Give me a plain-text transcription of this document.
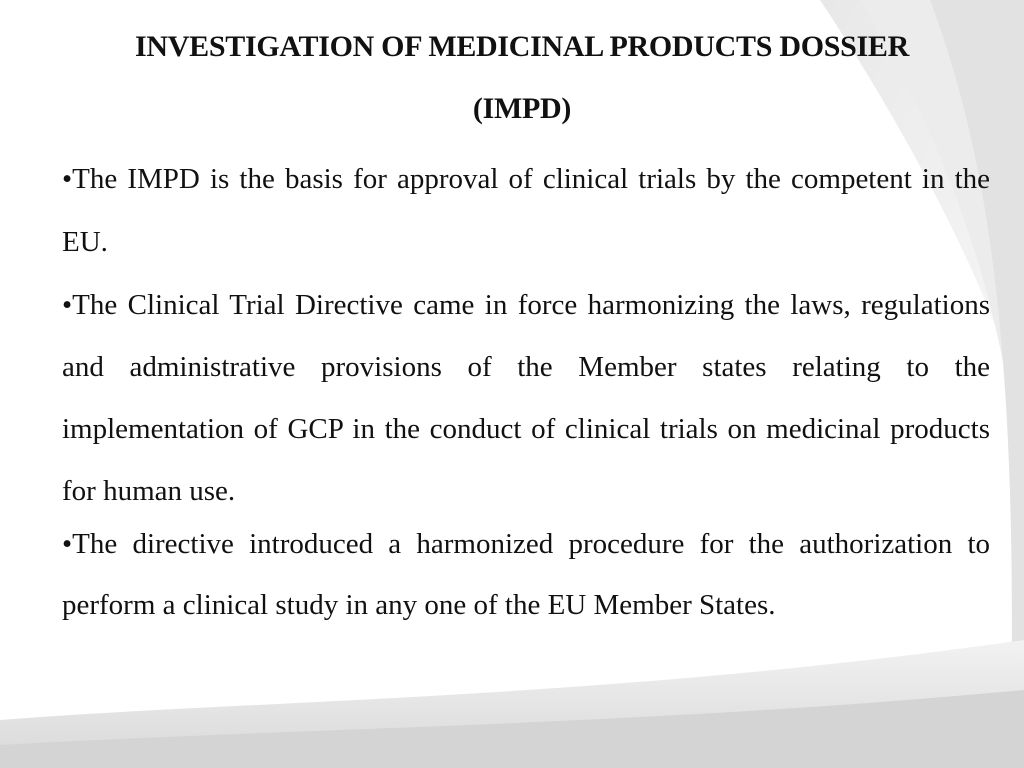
INVESTIGATION OF MEDICINAL PRODUCTS DOSSIER
(IMPD)

•The IMPD is the basis for approval of clinical trials by the competent in the EU.

•The Clinical Trial Directive came in force harmonizing the laws, regulations and administrative provisions of the Member states relating to the implementation of GCP in the conduct of clinical trials on medicinal products for human use.

•The directive introduced a harmonized procedure for the authorization to perform a clinical study in any one of the EU Member States.
